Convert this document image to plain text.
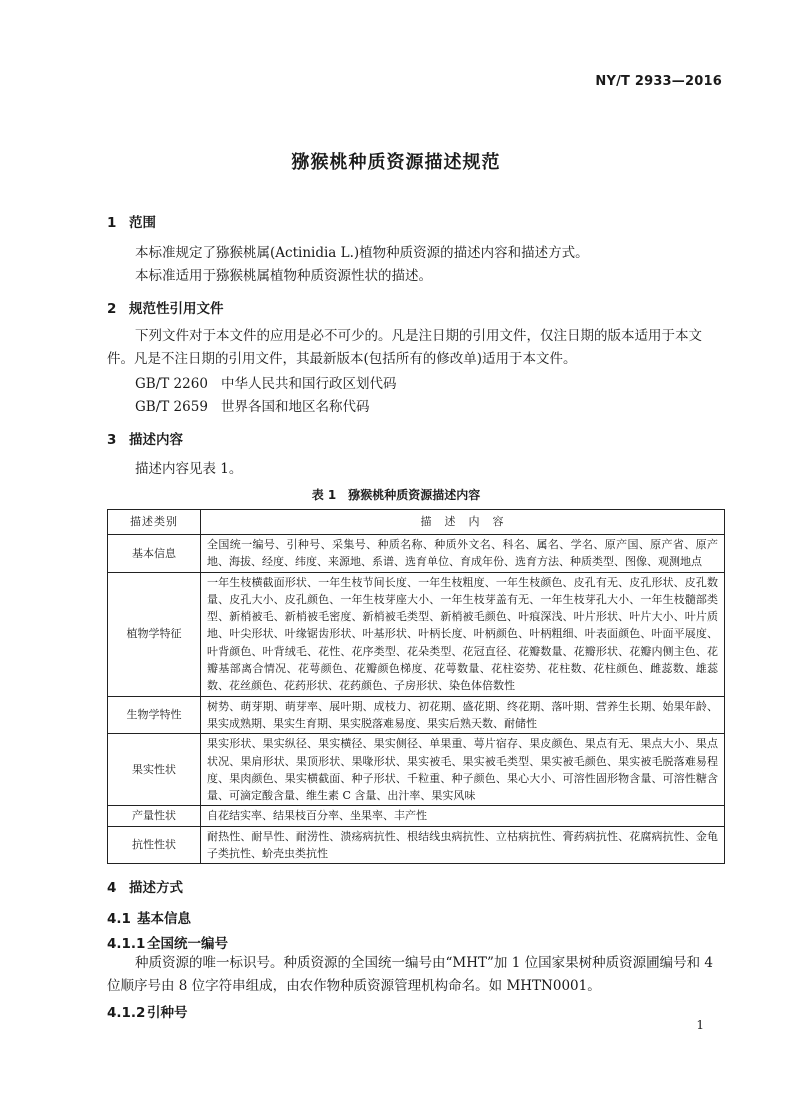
NY/T 2933—2016
猕猴桃种质资源描述规范
1 范围
本标准规定了猕猴桃属(Actinidia L.)植物种质资源的描述内容和描述方式。
本标准适用于猕猴桃属植物种质资源性状的描述。
2 规范性引用文件
下列文件对于本文件的应用是必不可少的。凡是注日期的引用文件，仅注日期的版本适用于本文件。凡是不注日期的引用文件，其最新版本(包括所有的修改单)适用于本文件。
GB/T 2260 中华人民共和国行政区划代码
GB/T 2659 世界各国和地区名称代码
3 描述内容
描述内容见表 1。
表 1　猕猴桃种质资源描述内容
描述类别	描　述　内　容
基本信息	全国统一编号、引种号、采集号、种质名称、种质外文名、科名、属名、学名、原产国、原产省、原产地、海拔、经度、纬度、来源地、系谱、选育单位、育成年份、选育方法、种质类型、图像、观测地点
植物学特征	一年生枝横截面形状、一年生枝节间长度、一年生枝粗度、一年生枝颜色、皮孔有无、皮孔形状、皮孔数量、皮孔大小、皮孔颜色、一年生枝芽座大小、一年生枝芽盖有无、一年生枝芽孔大小、一年生枝髓部类型、新梢被毛、新梢被毛密度、新梢被毛类型、新梢被毛颜色、叶痕深浅、叶片形状、叶片大小、叶片质地、叶尖形状、叶缘锯齿形状、叶基形状、叶柄长度、叶柄颜色、叶柄粗细、叶表面颜色、叶面平展度、叶背颜色、叶背绒毛、花性、花序类型、花朵类型、花冠直径、花瓣数量、花瓣形状、花瓣内侧主色、花瓣基部离合情况、花萼颜色、花瓣颜色梯度、花萼数量、花柱姿势、花柱数、花柱颜色、雌蕊数、雄蕊数、花丝颜色、花药形状、花药颜色、子房形状、染色体倍数性
生物学特性	树势、萌芽期、萌芽率、展叶期、成枝力、初花期、盛花期、终花期、落叶期、营养生长期、始果年龄、果实成熟期、果实生育期、果实脱落难易度、果实后熟天数、耐储性
果实性状	果实形状、果实纵径、果实横径、果实侧径、单果重、萼片宿存、果皮颜色、果点有无、果点大小、果点状况、果肩形状、果顶形状、果喙形状、果实被毛、果实被毛类型、果实被毛颜色、果实被毛脱落难易程度、果肉颜色、果实横截面、种子形状、千粒重、种子颜色、果心大小、可溶性固形物含量、可溶性糖含量、可滴定酸含量、维生素 C 含量、出汁率、果实风味
产量性状	自花结实率、结果枝百分率、坐果率、丰产性
抗性性状	耐热性、耐旱性、耐涝性、溃疡病抗性、根结线虫病抗性、立枯病抗性、膏药病抗性、花腐病抗性、金龟子类抗性、蚧壳虫类抗性
4 描述方式
4.1 基本信息
4.1.1 全国统一编号
种质资源的唯一标识号。种质资源的全国统一编号由“MHT”加 1 位国家果树种质资源圃编号和 4 位顺序号由 8 位字符串组成，由农作物种质资源管理机构命名。如 MHTN0001。
4.1.2 引种号
1
